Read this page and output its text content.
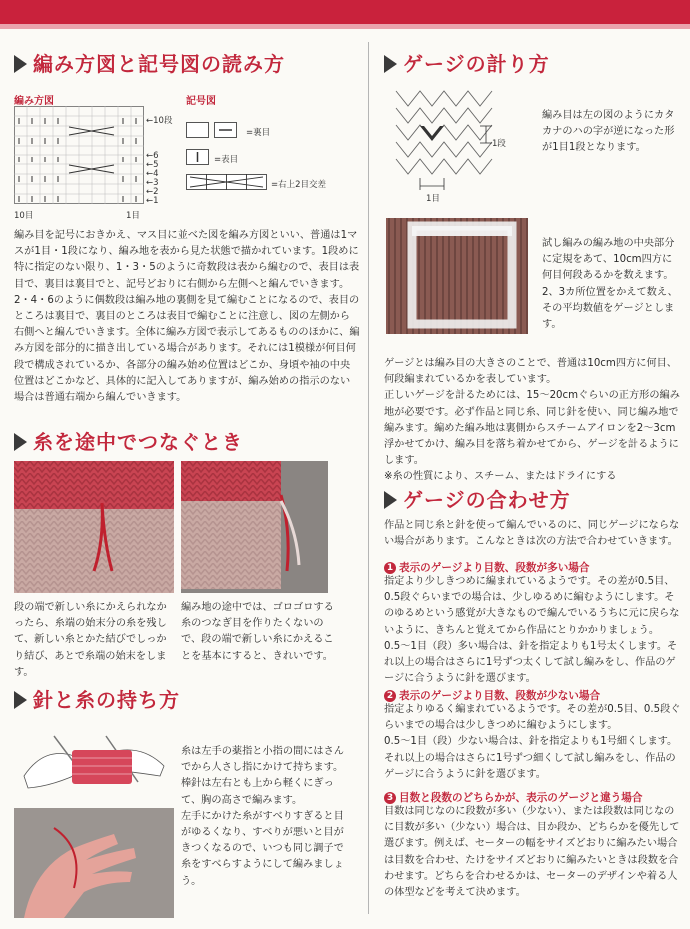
編み方図と記号図の読み方
編み方図	記号図
←10段
←6
←5
←4
←3
←2
←1
10目	1目
=裏目
=表目
=右上2目交差
編み目を記号におきかえ、マス目に並べた図を編み方図といい、普通は1マスが1目・1段になり、編み地を表から見た状態で描かれています。1段めに特に指定のない限り、1・3・5のように奇数段は表から編むので、表目は表目で、裏目は裏目でと、記号どおりに右側から左側へと編んでいきます。
2・4・6のように偶数段は編み地の裏側を見て編むことになるので、表目のところは裏目で、裏目のところは表目で編むことに注意し、図の左側から右側へと編んでいきます。全体に編み方図で表示してあるもののほかに、編み方図を部分的に描き出している場合があります。それには1模様が何目何段で構成されているか、各部分の編み始め位置はどこか、身頃や袖の中央位置はどこかなど、具体的に記入してありますが、編み始めの指示のない場合は普通右端から編んでいきます。
糸を途中でつなぐとき
段の端で新しい糸にかえられなかったら、糸端の始末分の糸を残して、新しい糸とかた結びでしっかり結び、あとで糸端の始末をします。
編み地の途中では、ゴロゴロする糸のつなぎ目を作りたくないので、段の端で新しい糸にかえることを基本にすると、きれいです。
針と糸の持ち方
糸は左手の薬指と小指の間にはさんでから人さし指にかけて持ちます。
棒針は左右とも上から軽くにぎって、胸の高さで編みます。
左手にかけた糸がすべりすぎると目がゆるくなり、すべりが悪いと目がきつくなるので、いつも同じ調子で糸をすべらすようにして編みましょう。
ゲージの計り方
1段
1目
編み目は左の図のようにカタカナのハの字が逆になった形が1目1段となります。
試し編みの編み地の中央部分に定規をあて、10cm四方に何目何段あるかを数えます。2、3カ所位置をかえて数え、その平均数値をゲージとします。
ゲージとは編み目の大きさのことで、普通は10cm四方に何目、何段編まれているかを表しています。
正しいゲージを計るためには、15～20cmぐらいの正方形の編み地が必要です。必ず作品と同じ糸、同じ針を使い、同じ編み地で編みます。編めた編み地は裏側からスチームアイロンを2～3cm浮かせてかけ、編み目を落ち着かせてから、ゲージを計るようにします。
※糸の性質により、スチーム、またはドライにする
ゲージの合わせ方
作品と同じ糸と針を使って編んでいるのに、同じゲージにならない場合があります。こんなときは次の方法で合わせていきます。
1 表示のゲージより目数、段数が多い場合
指定より少しきつめに編まれているようです。その差が0.5目、0.5段ぐらいまでの場合は、少しゆるめに編むようにします。そのゆるめという感覚が大きなもので編んでいるうちに元に戻らないように、きちんと覚えてから作品にとりかかりましょう。
0.5～1目（段）多い場合は、針を指定よりも1号太くします。それ以上の場合はさらに1号ずつ太くして試し編みをし、作品のゲージに合うように針を選びます。
2 表示のゲージより目数、段数が少ない場合
指定よりゆるく編まれているようです。その差が0.5目、0.5段ぐらいまでの場合は少しきつめに編むようにします。
0.5～1目（段）少ない場合は、針を指定よりも1号細くします。それ以上の場合はさらに1号ずつ細くして試し編みをし、作品のゲージに合うように針を選びます。
3 目数と段数のどちらかが、表示のゲージと違う場合
目数は同じなのに段数が多い（少ない）、または段数は同じなのに目数が多い（少ない）場合は、目か段か、どちらかを優先して選びます。例えば、セーターの幅をサイズどおりに編みたい場合は目数を合わせ、たけをサイズどおりに編みたいときは段数を合わせます。どちらを合わせるかは、セーターのデザインや着る人の体型などを考えて決めます。
